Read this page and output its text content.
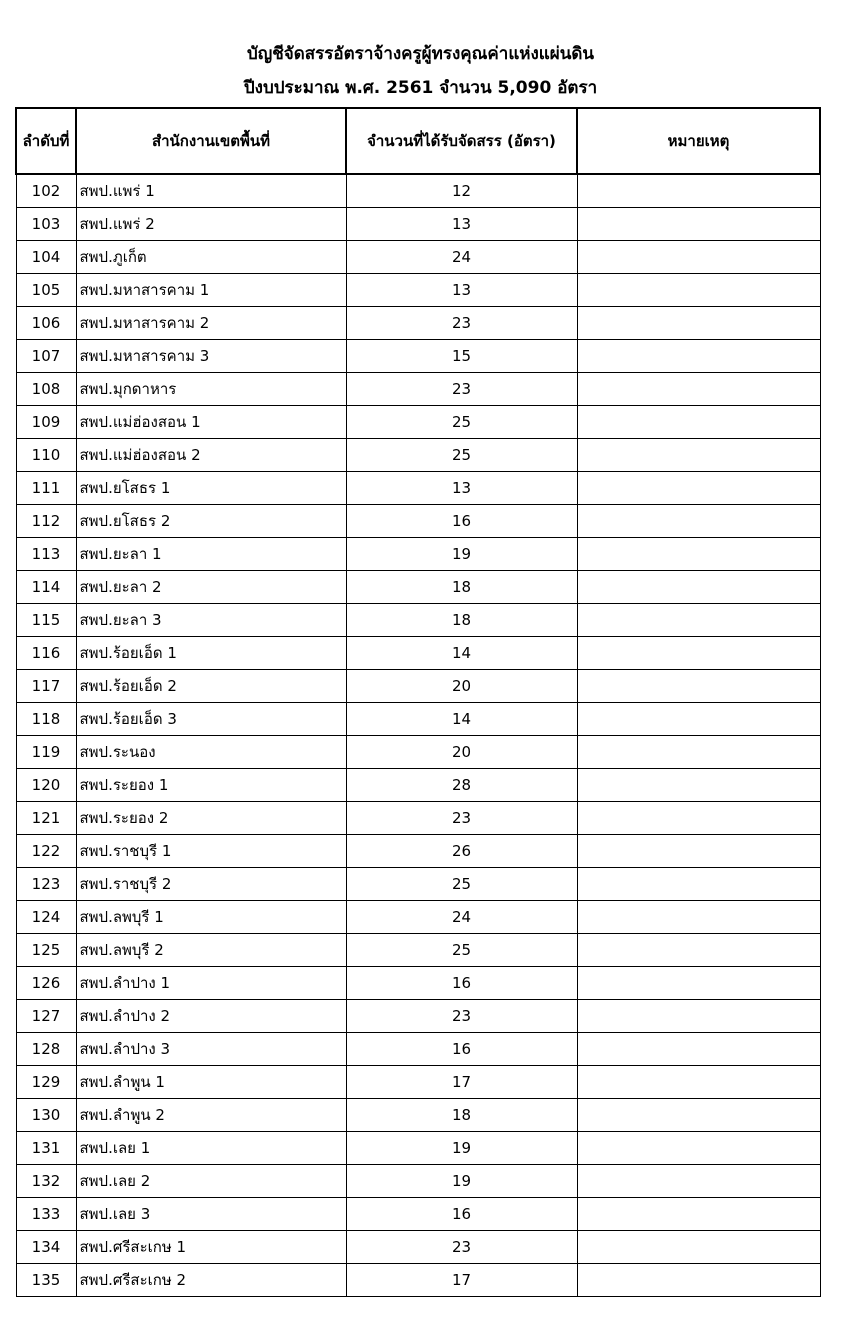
บัญชีจัดสรรอัตราจ้างครูผู้ทรงคุณค่าแห่งแผ่นดิน
ปีงบประมาณ พ.ศ. 2561 จำนวน 5,090 อัตรา
ลำดับที่	สำนักงานเขตพื้นที่	จำนวนที่ได้รับจัดสรร (อัตรา)	หมายเหตุ
102	สพป.แพร่ 1	12	
103	สพป.แพร่ 2	13	
104	สพป.ภูเก็ต	24	
105	สพป.มหาสารคาม 1	13	
106	สพป.มหาสารคาม 2	23	
107	สพป.มหาสารคาม 3	15	
108	สพป.มุกดาหาร	23	
109	สพป.แม่ฮ่องสอน 1	25	
110	สพป.แม่ฮ่องสอน 2	25	
111	สพป.ยโสธร 1	13	
112	สพป.ยโสธร 2	16	
113	สพป.ยะลา 1	19	
114	สพป.ยะลา 2	18	
115	สพป.ยะลา 3	18	
116	สพป.ร้อยเอ็ด 1	14	
117	สพป.ร้อยเอ็ด 2	20	
118	สพป.ร้อยเอ็ด 3	14	
119	สพป.ระนอง	20	
120	สพป.ระยอง 1	28	
121	สพป.ระยอง 2	23	
122	สพป.ราชบุรี 1	26	
123	สพป.ราชบุรี 2	25	
124	สพป.ลพบุรี 1	24	
125	สพป.ลพบุรี 2	25	
126	สพป.ลำปาง 1	16	
127	สพป.ลำปาง 2	23	
128	สพป.ลำปาง 3	16	
129	สพป.ลำพูน 1	17	
130	สพป.ลำพูน 2	18	
131	สพป.เลย 1	19	
132	สพป.เลย 2	19	
133	สพป.เลย 3	16	
134	สพป.ศรีสะเกษ 1	23	
135	สพป.ศรีสะเกษ 2	17	
